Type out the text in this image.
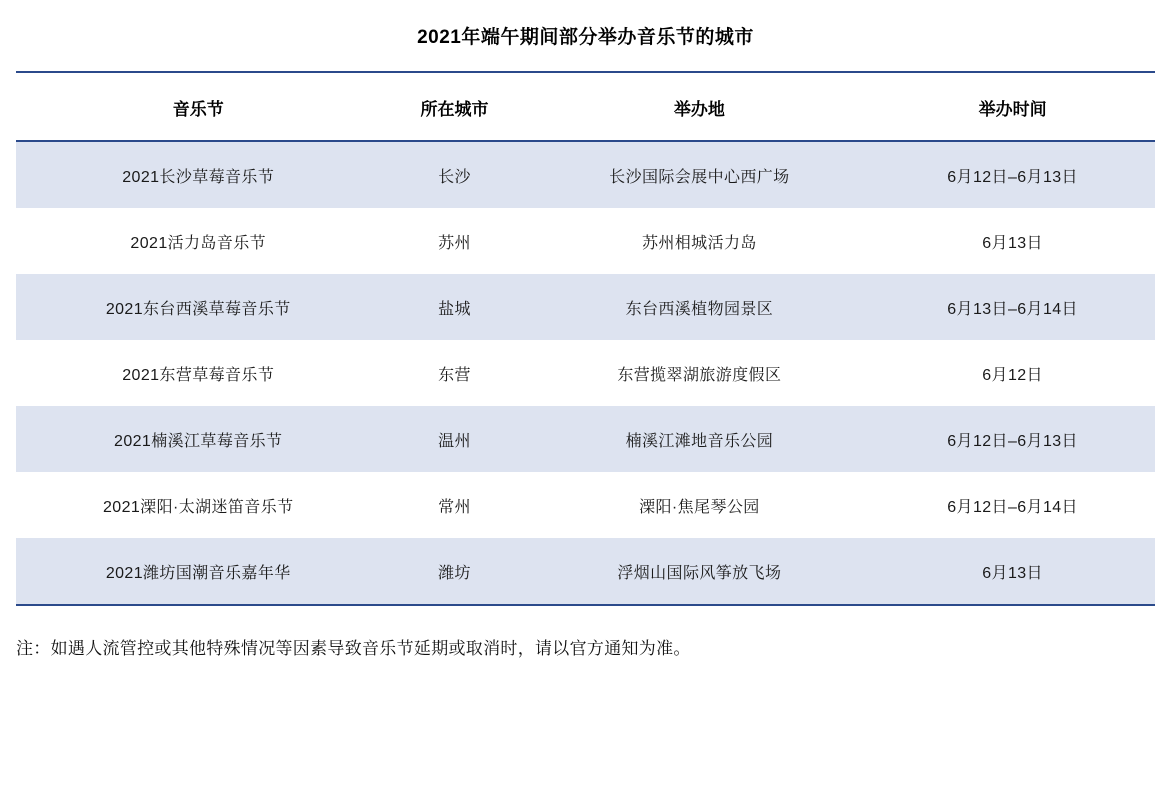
2021年端午期间部分举办音乐节的城市
音乐节	所在城市	举办地	举办时间
2021长沙草莓音乐节	长沙	长沙国际会展中心西广场	6月12日–6月13日
2021活力岛音乐节	苏州	苏州相城活力岛	6月13日
2021东台西溪草莓音乐节	盐城	东台西溪植物园景区	6月13日–6月14日
2021东营草莓音乐节	东营	东营揽翠湖旅游度假区	6月12日
2021楠溪江草莓音乐节	温州	楠溪江滩地音乐公园	6月12日–6月13日
2021溧阳·太湖迷笛音乐节	常州	溧阳·焦尾琴公园	6月12日–6月14日
2021潍坊国潮音乐嘉年华	潍坊	浮烟山国际风筝放飞场	6月13日
注：如遇人流管控或其他特殊情况等因素导致音乐节延期或取消时，请以官方通知为准。
